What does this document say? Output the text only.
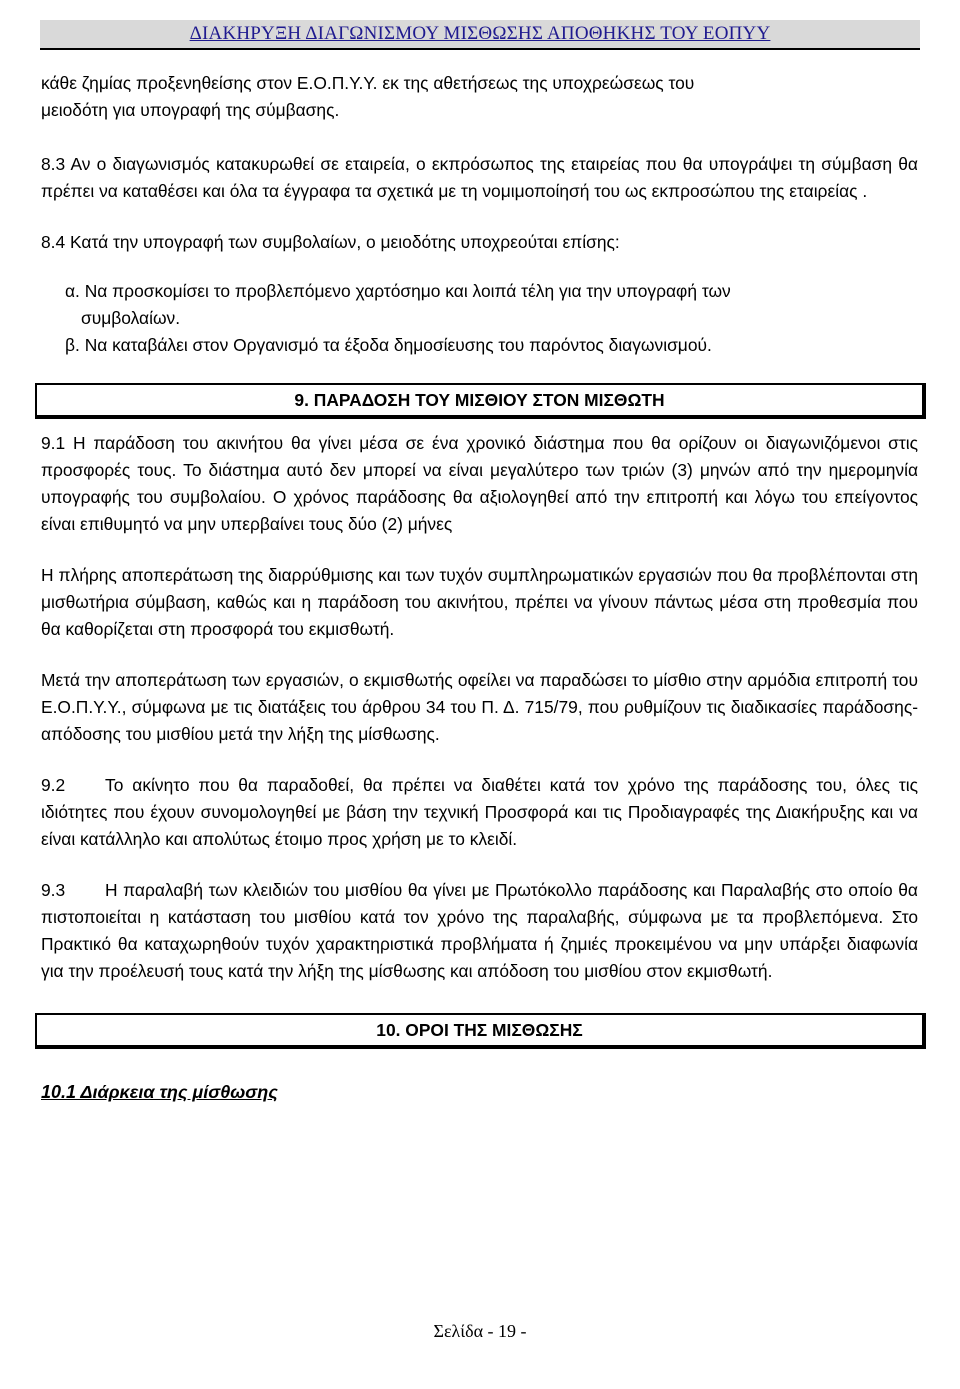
ΔΙΑΚΗΡΥΞΗ ΔΙΑΓΩΝΙΣΜΟΥ ΜΙΣΘΩΣΗΣ ΑΠΟΘΗΚΗΣ ΤΟΥ ΕΟΠΥΥ

κάθε ζημίας προξενηθείσης στον Ε.Ο.Π.Υ.Υ. εκ της αθετήσεως της υποχρεώσεως του

μειοδότη για υπογραφή της σύμβασης.

8.3 Αν ο διαγωνισμός κατακυρωθεί σε εταιρεία, ο εκπρόσωπος της εταιρείας που θα υπογράψει τη σύμβαση θα πρέπει να καταθέσει και όλα τα έγγραφα τα σχετικά με τη νομιμοποίησή του ως εκπροσώπου της εταιρείας .

8.4 Κατά την υπογραφή των συμβολαίων, ο μειοδότης υποχρεούται επίσης:

α. Να προσκομίσει το προβλεπόμενο χαρτόσημο και λοιπά τέλη για την υπογραφή των
συμβολαίων.
β. Να καταβάλει στον Οργανισμό τα έξοδα δημοσίευσης του παρόντος διαγωνισμού.
9. ΠΑΡΑΔΟΣΗ ΤΟΥ ΜΙΣΘΙΟΥ ΣΤΟΝ ΜΙΣΘΩΤΗ

9.1 Η παράδοση του ακινήτου θα γίνει μέσα σε ένα χρονικό διάστημα που θα ορίζουν οι διαγωνιζόμενοι στις προσφορές τους. Το διάστημα αυτό δεν μπορεί να είναι μεγαλύτερο των τριών (3) μηνών από την ημερομηνία υπογραφής του συμβολαίου. Ο χρόνος παράδοσης θα αξιολογηθεί από την επιτροπή και λόγω του επείγοντος είναι επιθυμητό να μην υπερβαίνει τους δύο (2) μήνες

Η πλήρης αποπεράτωση της διαρρύθμισης και των τυχόν συμπληρωματικών εργασιών που θα προβλέπονται στη μισθωτήρια σύμβαση, καθώς και η παράδοση του ακινήτου, πρέπει να γίνουν πάντως μέσα στη προθεσμία που θα καθορίζεται στη προσφορά του εκμισθωτή.

Μετά την αποπεράτωση των εργασιών, ο εκμισθωτής οφείλει να παραδώσει το μίσθιο στην αρμόδια επιτροπή του Ε.Ο.Π.Υ.Υ., σύμφωνα με τις διατάξεις του άρθρου 34 του Π. Δ. 715/79, που ρυθμίζουν τις διαδικασίες παράδοσης- απόδοσης του μισθίου μετά την λήξη της μίσθωσης.

9.2 Το ακίνητο που θα παραδοθεί, θα πρέπει να διαθέτει κατά τον χρόνο της παράδοσης του, όλες τις ιδιότητες που έχουν συνομολογηθεί με βάση την τεχνική Προσφορά και τις Προδιαγραφές της Διακήρυξης και να είναι κατάλληλο και απολύτως έτοιμο προς χρήση με το κλειδί.

9.3 Η παραλαβή των κλειδιών του μισθίου θα γίνει με Πρωτόκολλο παράδοσης και Παραλαβής στο οποίο θα πιστοποιείται η κατάσταση του μισθίου κατά τον χρόνο της παραλαβής, σύμφωνα με τα προβλεπόμενα. Στο Πρακτικό θα καταχωρηθούν τυχόν χαρακτηριστικά προβλήματα ή ζημιές προκειμένου να μην υπάρξει διαφωνία για την προέλευσή τους κατά την λήξη της μίσθωσης και απόδοση του μισθίου στον εκμισθωτή.

10. ΟΡΟΙ ΤΗΣ ΜΙΣΘΩΣΗΣ

10.1 Διάρκεια της μίσθωσης

Σελίδα - 19 -
